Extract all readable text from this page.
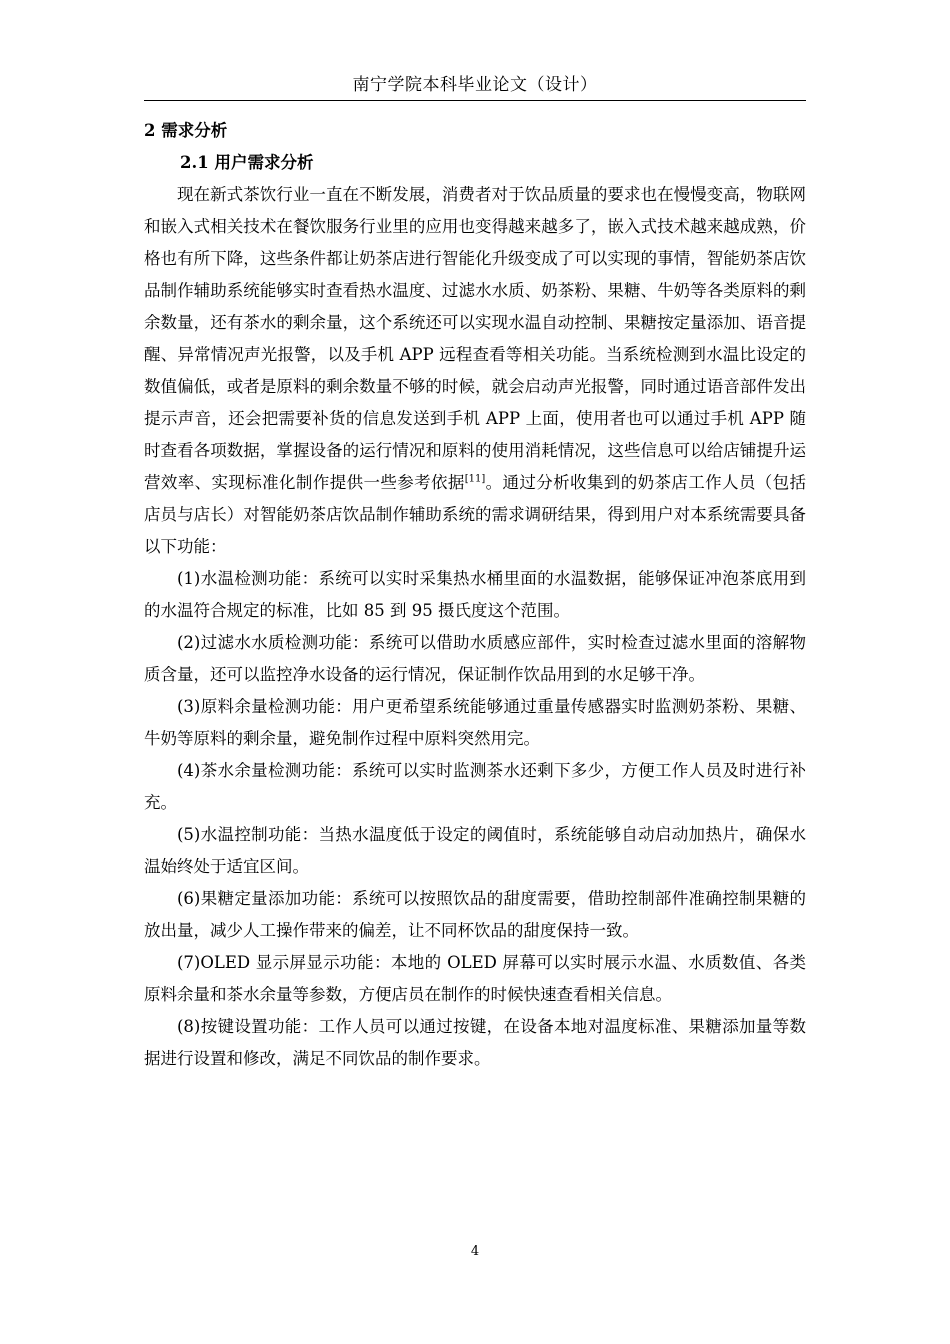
南宁学院本科毕业论文（设计）
2 需求分析
2.1 用户需求分析

现在新式茶饮行业一直在不断发展，消费者对于饮品质量的要求也在慢慢变高，物联网和嵌入式相关技术在餐饮服务行业里的应用也变得越来越多了，嵌入式技术越来越成熟，价格也有所下降，这些条件都让奶茶店进行智能化升级变成了可以实现的事情，智能奶茶店饮品制作辅助系统能够实时查看热水温度、过滤水水质、奶茶粉、果糖、牛奶等各类原料的剩余数量，还有茶水的剩余量，这个系统还可以实现水温自动控制、果糖按定量添加、语音提醒、异常情况声光报警，以及手机 APP 远程查看等相关功能。当系统检测到水温比设定的数值偏低，或者是原料的剩余数量不够的时候，就会启动声光报警，同时通过语音部件发出提示声音，还会把需要补货的信息发送到手机 APP 上面，使用者也可以通过手机 APP 随时查看各项数据，掌握设备的运行情况和原料的使用消耗情况，这些信息可以给店铺提升运营效率、实现标准化制作提供一些参考依据[11]。通过分析收集到的奶茶店工作人员（包括店员与店长）对智能奶茶店饮品制作辅助系统的需求调研结果，得到用户对本系统需要具备以下功能：

(1)水温检测功能：系统可以实时采集热水桶里面的水温数据，能够保证冲泡茶底用到的水温符合规定的标准，比如 85 到 95 摄氏度这个范围。

(2)过滤水水质检测功能：系统可以借助水质感应部件，实时检查过滤水里面的溶解物质含量，还可以监控净水设备的运行情况，保证制作饮品用到的水足够干净。

(3)原料余量检测功能：用户更希望系统能够通过重量传感器实时监测奶茶粉、果糖、牛奶等原料的剩余量，避免制作过程中原料突然用完。

(4)茶水余量检测功能：系统可以实时监测茶水还剩下多少，方便工作人员及时进行补充。

(5)水温控制功能：当热水温度低于设定的阈值时，系统能够自动启动加热片，确保水温始终处于适宜区间。

(6)果糖定量添加功能：系统可以按照饮品的甜度需要，借助控制部件准确控制果糖的放出量，减少人工操作带来的偏差，让不同杯饮品的甜度保持一致。

(7)OLED 显示屏显示功能：本地的 OLED 屏幕可以实时展示水温、水质数值、各类原料余量和茶水余量等参数，方便店员在制作的时候快速查看相关信息。

(8)按键设置功能：工作人员可以通过按键，在设备本地对温度标准、果糖添加量等数据进行设置和修改，满足不同饮品的制作要求。

4
